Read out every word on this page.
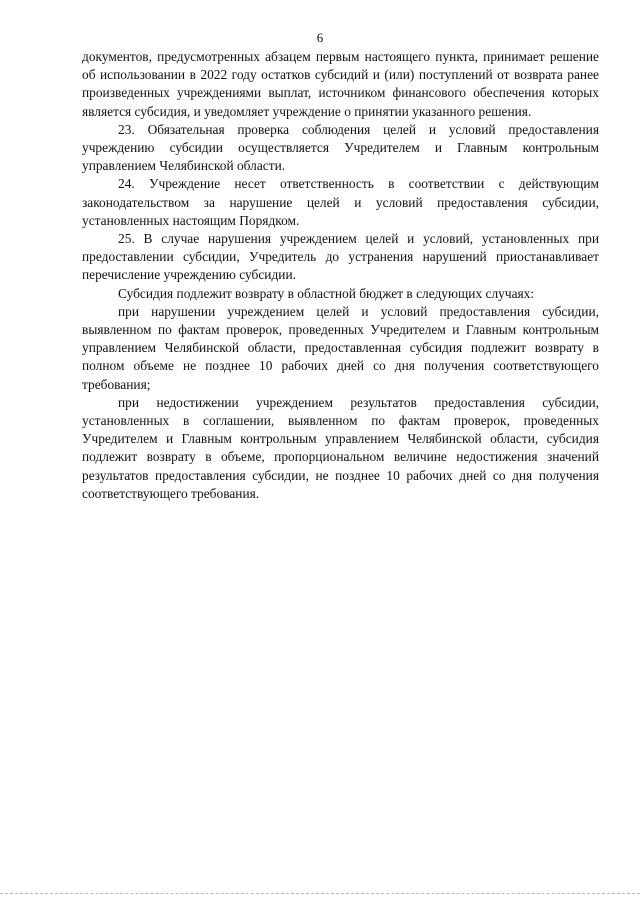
6

документов, предусмотренных абзацем первым настоящего пункта, принимает решение об использовании в 2022 году остатков субсидий и (или) поступлений от возврата ранее произведенных учреждениями выплат, источником финансового обеспечения которых является субсидия, и уведомляет учреждение о принятии указанного решения.

23. Обязательная проверка соблюдения целей и условий предоставления учреждению субсидии осуществляется Учредителем и Главным контрольным управлением Челябинской области.

24. Учреждение несет ответственность в соответствии с действующим законодательством за нарушение целей и условий предоставления субсидии, установленных настоящим Порядком.

25. В случае нарушения учреждением целей и условий, установленных при предоставлении субсидии, Учредитель до устранения нарушений приостанавливает перечисление учреждению субсидии.

Субсидия подлежит возврату в областной бюджет в следующих случаях:

при нарушении учреждением целей и условий предоставления субсидии, выявленном по фактам проверок, проведенных Учредителем и Главным контрольным управлением Челябинской области, предоставленная субсидия подлежит возврату в полном объеме не позднее 10 рабочих дней со дня получения соответствующего требования;

при недостижении учреждением результатов предоставления субсидии, установленных в соглашении, выявленном по фактам проверок, проведенных Учредителем и Главным контрольным управлением Челябинской области, субсидия подлежит возврату в объеме, пропорциональном величине недостижения значений результатов предоставления субсидии, не позднее 10 рабочих дней со дня получения соответствующего требования.
